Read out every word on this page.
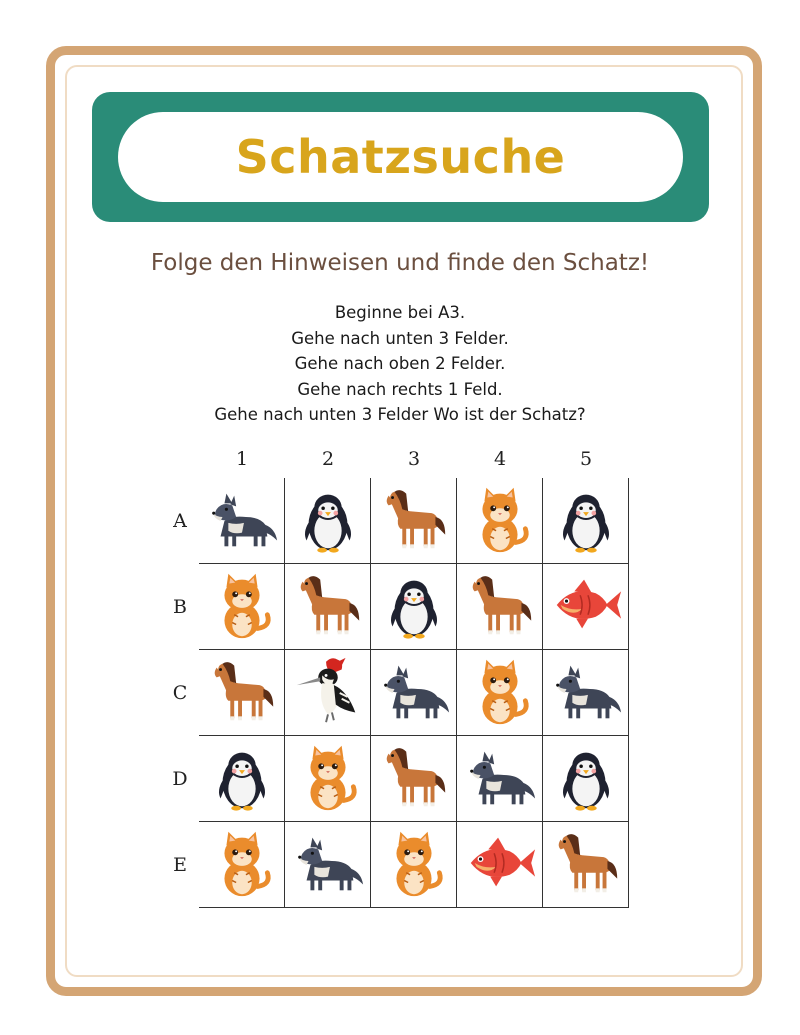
Schatzsuche
Folge den Hinweisen und finde den Schatz!
Beginne bei A3.
Gehe nach unten 3 Felder.
Gehe nach oben 2 Felder.
Gehe nach rechts 1 Feld.
Gehe nach unten 3 Felder Wo ist der Schatz?
1	2	3	4	5
A
B
C
D
E
